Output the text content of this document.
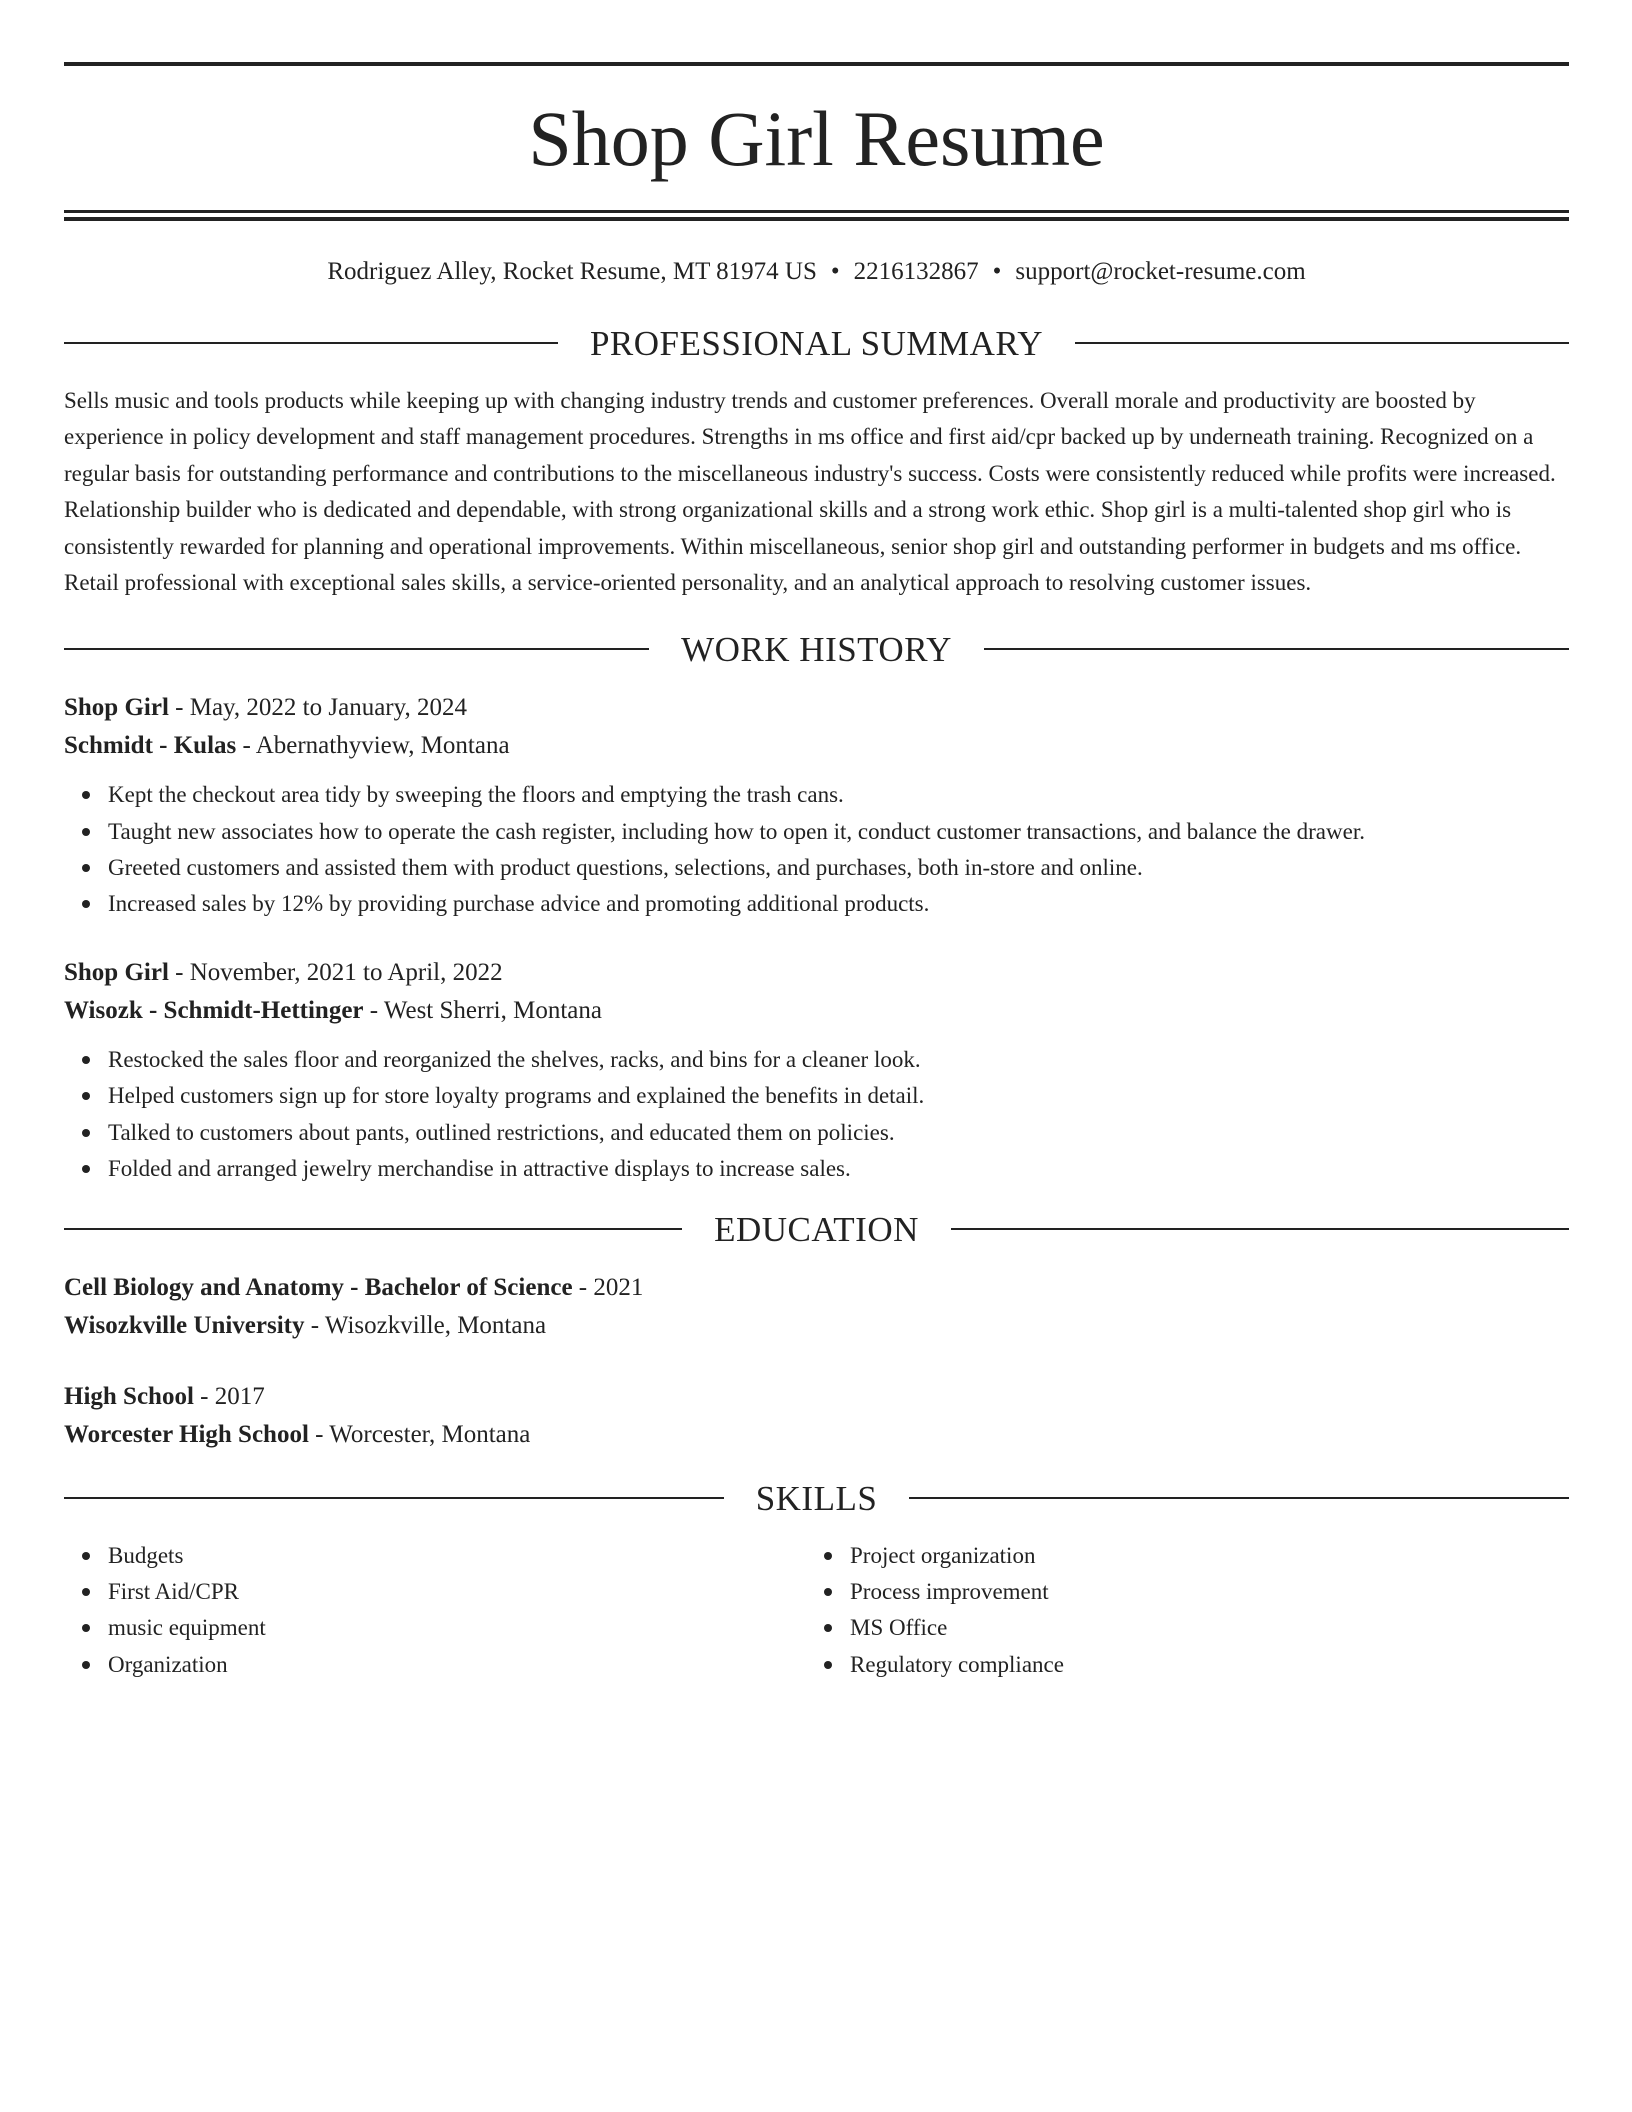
Shop Girl Resume
Rodriguez Alley, Rocket Resume, MT 81974 US • 2216132867 • support@rocket-resume.com
PROFESSIONAL SUMMARY
Sells music and tools products while keeping up with changing industry trends and customer preferences. Overall morale and productivity are boosted by experience in policy development and staff management procedures. Strengths in ms office and first aid/cpr backed up by underneath training. Recognized on a regular basis for outstanding performance and contributions to the miscellaneous industry's success. Costs were consistently reduced while profits were increased. Relationship builder who is dedicated and dependable, with strong organizational skills and a strong work ethic. Shop girl is a multi-talented shop girl who is consistently rewarded for planning and operational improvements. Within miscellaneous, senior shop girl and outstanding performer in budgets and ms office. Retail professional with exceptional sales skills, a service-oriented personality, and an analytical approach to resolving customer issues.
WORK HISTORY
Shop Girl - May, 2022 to January, 2024
Schmidt - Kulas - Abernathyview, Montana
Kept the checkout area tidy by sweeping the floors and emptying the trash cans.
Taught new associates how to operate the cash register, including how to open it, conduct customer transactions, and balance the drawer.
Greeted customers and assisted them with product questions, selections, and purchases, both in-store and online.
Increased sales by 12% by providing purchase advice and promoting additional products.
Shop Girl - November, 2021 to April, 2022
Wisozk - Schmidt-Hettinger - West Sherri, Montana
Restocked the sales floor and reorganized the shelves, racks, and bins for a cleaner look.
Helped customers sign up for store loyalty programs and explained the benefits in detail.
Talked to customers about pants, outlined restrictions, and educated them on policies.
Folded and arranged jewelry merchandise in attractive displays to increase sales.
EDUCATION
Cell Biology and Anatomy - Bachelor of Science - 2021
Wisozkville University - Wisozkville, Montana
High School - 2017
Worcester High School - Worcester, Montana
SKILLS
Budgets
First Aid/CPR
music equipment
Organization
Project organization
Process improvement
MS Office
Regulatory compliance
